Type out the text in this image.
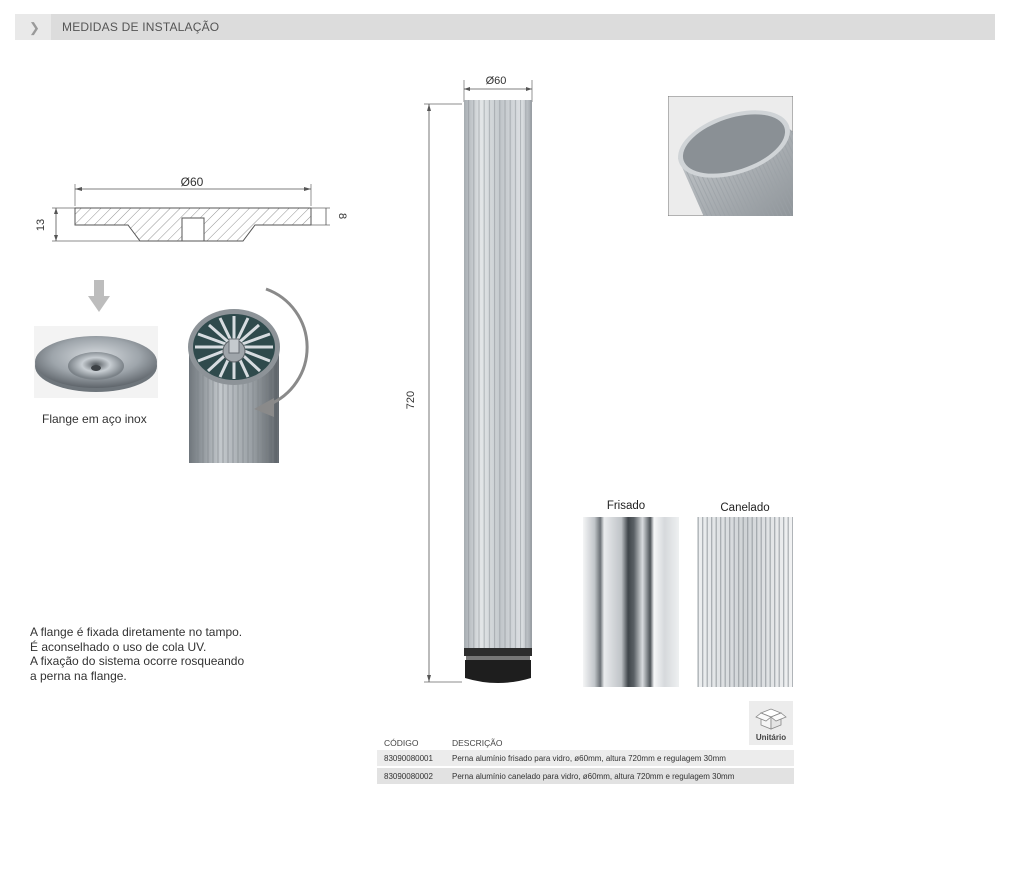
❯ MEDIDAS DE INSTALAÇÃO
Ø60
13
8
Flange em aço inox
Ø60
720
Frisado	Canelado
A flange é fixada diretamente no tampo.
É aconselhado o uso de cola UV.
A fixação do sistema ocorre rosqueando
a perna na flange.
Unitário
CÓDIGO	DESCRIÇÃO
83090080001 Perna alumínio frisado para vidro, ø60mm, altura 720mm e regulagem 30mm
83090080002 Perna alumínio canelado para vidro, ø60mm, altura 720mm e regulagem 30mm
